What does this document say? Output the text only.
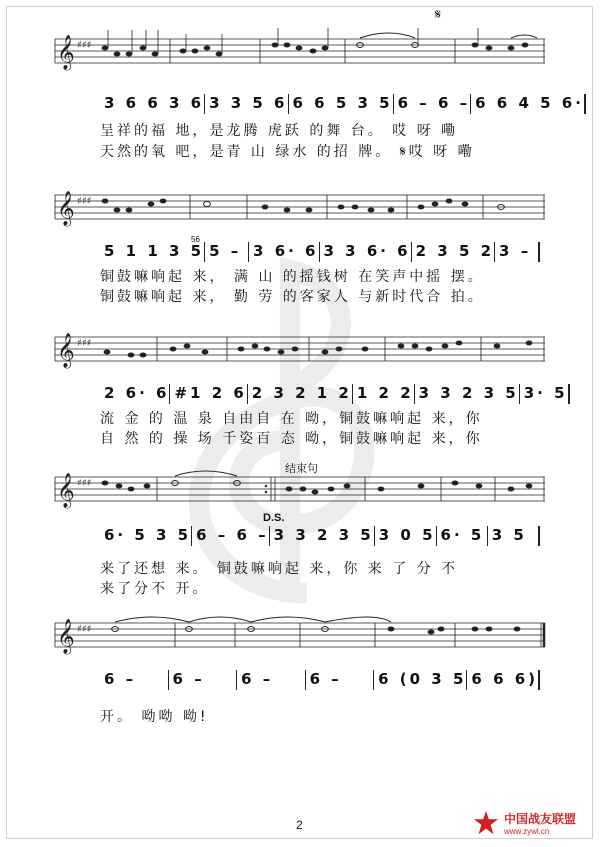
𝄞 ♯♯♯
𝄋
3 6 6 3 6 3 3 5 6 6 6 5 3 5 6 – 6 – 6 6 4 5 6·
呈祥的福 地，是龙腾 虎跃 的舞 台。 哎 呀 嘞
天然的氧 吧，是青 山 绿水 的招 牌。 𝄋哎 呀 嘞
𝄞 ♯♯♯
56
5 1 1 3 5 5 – 3 6· 6 3 3 6· 6 2 3 5 2 3 –
铜鼓嘛响起 来， 满 山 的摇钱树 在笑声中摇 摆。
铜鼓嘛响起 来， 勤 劳 的客家人 与新时代合 拍。
𝄞 ♯♯♯
2 6· 6 #1 2 6 2 3 2 1 2 1 2 2 3 3 2 3 5 3· 5
流 金 的 温 泉 自由自 在 呦，铜鼓嘛响起 来，你
自 然 的 操 场 千姿百 态 呦，铜鼓嘛响起 来，你
𝄞 ♯♯♯
结束句
D.S.
6· 5 3 5 6 – 6 – 3 3 2 3 5 3 0 5 6· 5 3 5
来了还想 来。 铜鼓嘛响起 来，你 来 了 分 不
来了分不 开。
𝄞 ♯♯♯
6 –	6 –	6 –	6 –	6 (0 3 5 6 6 6)
开。 呦呦 呦!
2	中国战友联盟
www.zywl.cn
